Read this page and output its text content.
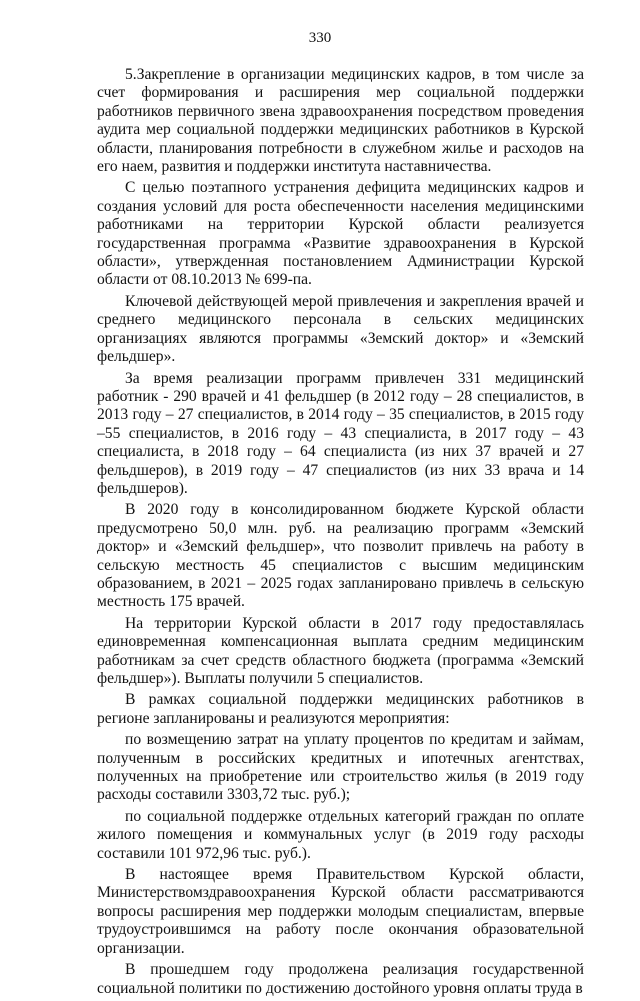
330

5.Закрепление в организации медицинских кадров, в том числе за счет формирования и расширения мер социальной поддержки работников первичного звена здравоохранения посредством проведения аудита мер социальной поддержки медицинских работников в Курской области, планирования потребности в служебном жилье и расходов на его наем, развития и поддержки института наставничества.

С целью поэтапного устранения дефицита медицинских кадров и создания условий для роста обеспеченности населения медицинскими работниками на территории Курской области реализуется государственная программа «Развитие здравоохранения в Курской области», утвержденная постановлением Администрации Курской области от 08.10.2013 № 699-па.

Ключевой действующей мерой привлечения и закрепления врачей и среднего медицинского персонала в сельских медицинских организациях являются программы «Земский доктор» и «Земский фельдшер».

За время реализации программ привлечен 331 медицинский работник - 290 врачей и 41 фельдшер (в 2012 году – 28 специалистов, в 2013 году – 27 специалистов, в 2014 году – 35 специалистов, в 2015 году –55 специалистов, в 2016 году – 43 специалиста, в 2017 году – 43 специалиста, в 2018 году – 64 специалиста (из них 37 врачей и 27 фельдшеров), в 2019 году – 47 специалистов (из них 33 врача и 14 фельдшеров).

В 2020 году в консолидированном бюджете Курской области предусмотрено 50,0 млн. руб. на реализацию программ «Земский доктор» и «Земский фельдшер», что позволит привлечь на работу в сельскую местность 45 специалистов с высшим медицинским образованием, в 2021 – 2025 годах запланировано привлечь в сельскую местность 175 врачей.

На территории Курской области в 2017 году предоставлялась единовременная компенсационная выплата средним медицинским работникам за счет средств областного бюджета (программа «Земский фельдшер»). Выплаты получили 5 специалистов.

В рамках социальной поддержки медицинских работников в регионе запланированы и реализуются мероприятия:

по возмещению затрат на уплату процентов по кредитам и займам, полученным в российских кредитных и ипотечных агентствах, полученных на приобретение или строительство жилья (в 2019 году расходы составили 3303,72 тыс. руб.);

по социальной поддержке отдельных категорий граждан по оплате жилого помещения и коммунальных услуг (в 2019 году расходы составили 101 972,96 тыс. руб.).

В настоящее время Правительством Курской области, Министерствомздравоохранения Курской области рассматриваются вопросы расширения мер поддержки молодым специалистам, впервые трудоустроившимся на работу после окончания образовательной организации.

В прошедшем году продолжена реализация государственной социальной политики по достижению достойного уровня оплаты труда в
